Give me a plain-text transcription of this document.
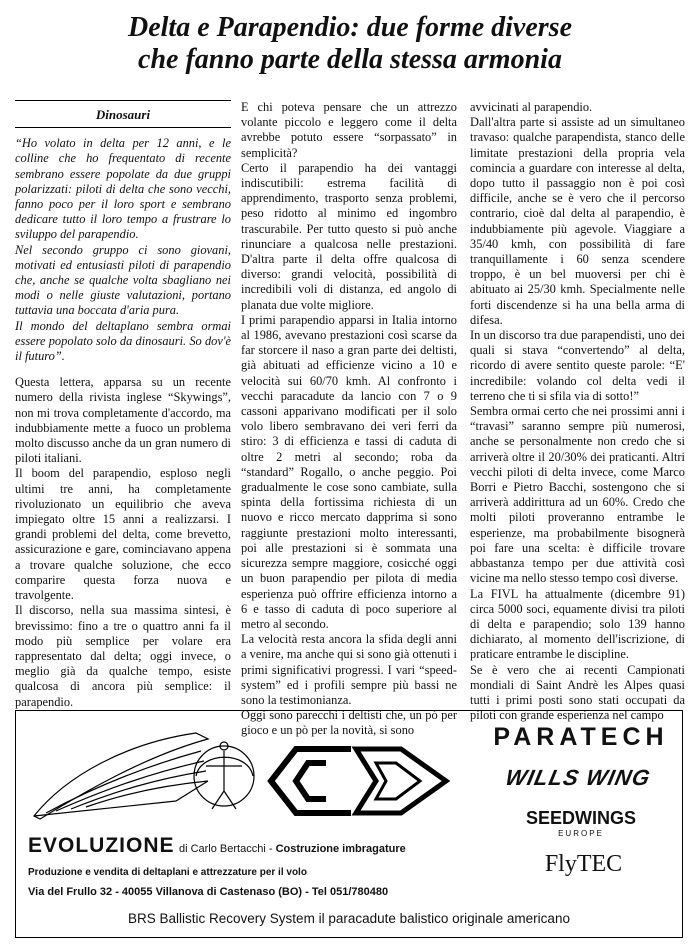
Delta e Parapendio: due forme diverse
che fanno parte della stessa armonia
Dinosauri

“Ho volato in delta per 12 anni, e le colline che ho frequentato di recente sembrano essere popolate da due gruppi polarizzati: piloti di delta che sono vecchi, fanno poco per il loro sport e sembrano dedicare tutto il loro tempo a frustrare lo sviluppo del parapendio.

Nel secondo gruppo ci sono giovani, motivati ed entusiasti piloti di parapendio che, anche se qualche volta sbagliano nei modi o nelle giuste valutazioni, portano tuttavia una boccata d'aria pura.

Il mondo del deltaplano sembra ormai essere popolato solo da dinosauri. So dov'è il futuro”.

Questa lettera, apparsa su un recente numero della rivista inglese “Skywings”, non mi trova completamente d'accordo, ma indubbiamente mette a fuoco un problema molto discusso anche da un gran numero di piloti italiani.

Il boom del parapendio, esploso negli ultimi tre anni, ha completamente rivoluzionato un equilibrio che aveva impiegato oltre 15 anni a realizzarsi. I grandi problemi del delta, come brevetto, assicurazione e gare, cominciavano appena a trovare qualche soluzione, che ecco comparire questa forza nuova e travolgente.

Il discorso, nella sua massima sintesi, è brevissimo: fino a tre o quattro anni fa il modo più semplice per volare era rappresentato dal delta; oggi invece, o meglio già da qualche tempo, esiste qualcosa di ancora più semplice: il parapendio.

E chi poteva pensare che un attrezzo volante piccolo e leggero come il delta avrebbe potuto essere “sorpassato” in semplicità?

Certo il parapendio ha dei vantaggi indiscutibili: estrema facilità di apprendimento, trasporto senza problemi, peso ridotto al minimo ed ingombro trascurabile. Per tutto questo si può anche rinunciare a qualcosa nelle prestazioni. D'altra parte il delta offre qualcosa di diverso: grandi velocità, possibilità di incredibili voli di distanza, ed angolo di planata due volte migliore.

I primi parapendio apparsi in Italia intorno al 1986, avevano prestazioni così scarse da far storcere il naso a gran parte dei deltisti, già abituati ad efficienze vicino a 10 e velocità sui 60/70 kmh. Al confronto i vecchi paracadute da lancio con 7 o 9 cassoni apparivano modificati per il solo volo libero sembravano dei veri ferri da stiro: 3 di efficienza e tassi di caduta di oltre 2 metri al secondo; roba da “standard” Rogallo, o anche peggio. Poi gradualmente le cose sono cambiate, sulla spinta della fortissima richiesta di un nuovo e ricco mercato dapprima si sono raggiunte prestazioni molto interessanti, poi alle prestazioni si è sommata una sicurezza sempre maggiore, cosicché oggi un buon parapendio per pilota di media esperienza può offrire efficienza intorno a 6 e tasso di caduta di poco superiore al metro al secondo.

La velocità resta ancora la sfida degli anni a venire, ma anche qui si sono già ottenuti i primi significativi progressi. I vari “speed-system” ed i profili sempre più bassi ne sono la testimonianza.

Oggi sono parecchi i deltisti che, un pò per gioco e un pò per la novità, si sono

avvicinati al parapendio.

Dall'altra parte si assiste ad un simultaneo travaso: qualche parapendista, stanco delle limitate prestazioni della propria vela comincia a guardare con interesse al delta, dopo tutto il passaggio non è poi così difficile, anche se è vero che il percorso contrario, cioè dal delta al parapendio, è indubbiamente più agevole. Viaggiare a 35/40 kmh, con possibilità di fare tranquillamente i 60 senza scendere troppo, è un bel muoversi per chi è abituato ai 25/30 kmh. Specialmente nelle forti discendenze si ha una bella arma di difesa.

In un discorso tra due parapendisti, uno dei quali si stava “convertendo” al delta, ricordo di avere sentito queste parole: “E' incredibile: volando col delta vedi il terreno che ti si sfila via di sotto!”

Sembra ormai certo che nei prossimi anni i “travasi” saranno sempre più numerosi, anche se personalmente non credo che si arriverà oltre il 20/30% dei praticanti. Altri vecchi piloti di delta invece, come Marco Borri e Pietro Bacchi, sostengono che si arriverà addirittura ad un 60%. Credo che molti piloti proveranno entrambe le esperienze, ma probabilmente bisognerà poi fare una scelta: è difficile trovare abbastanza tempo per due attività così vicine ma nello stesso tempo così diverse.

La FIVL ha attualmente (dicembre 91) circa 5000 soci, equamente divisi tra piloti di delta e parapendio; solo 139 hanno dichiarato, al momento dell'iscrizione, di praticare entrambe le discipline.

Se è vero che ai recenti Campionati mondiali di Saint Andrè les Alpes quasi tutti i primi posti sono stati occupati da piloti con grande esperienza nel campo

EVOLUZIONE di Carlo Bertacchi - Costruzione imbragature
Produzione e vendita di deltaplani e attrezzature per il volo
Via del Frullo 32 - 40055 Villanova di Castenaso (BO) - Tel 051/780480
PARATECH
WILLS WING
SEEDWINGS
EUROPE
FlyTEC
BRS Ballistic Recovery System il paracadute balistico originale americano
